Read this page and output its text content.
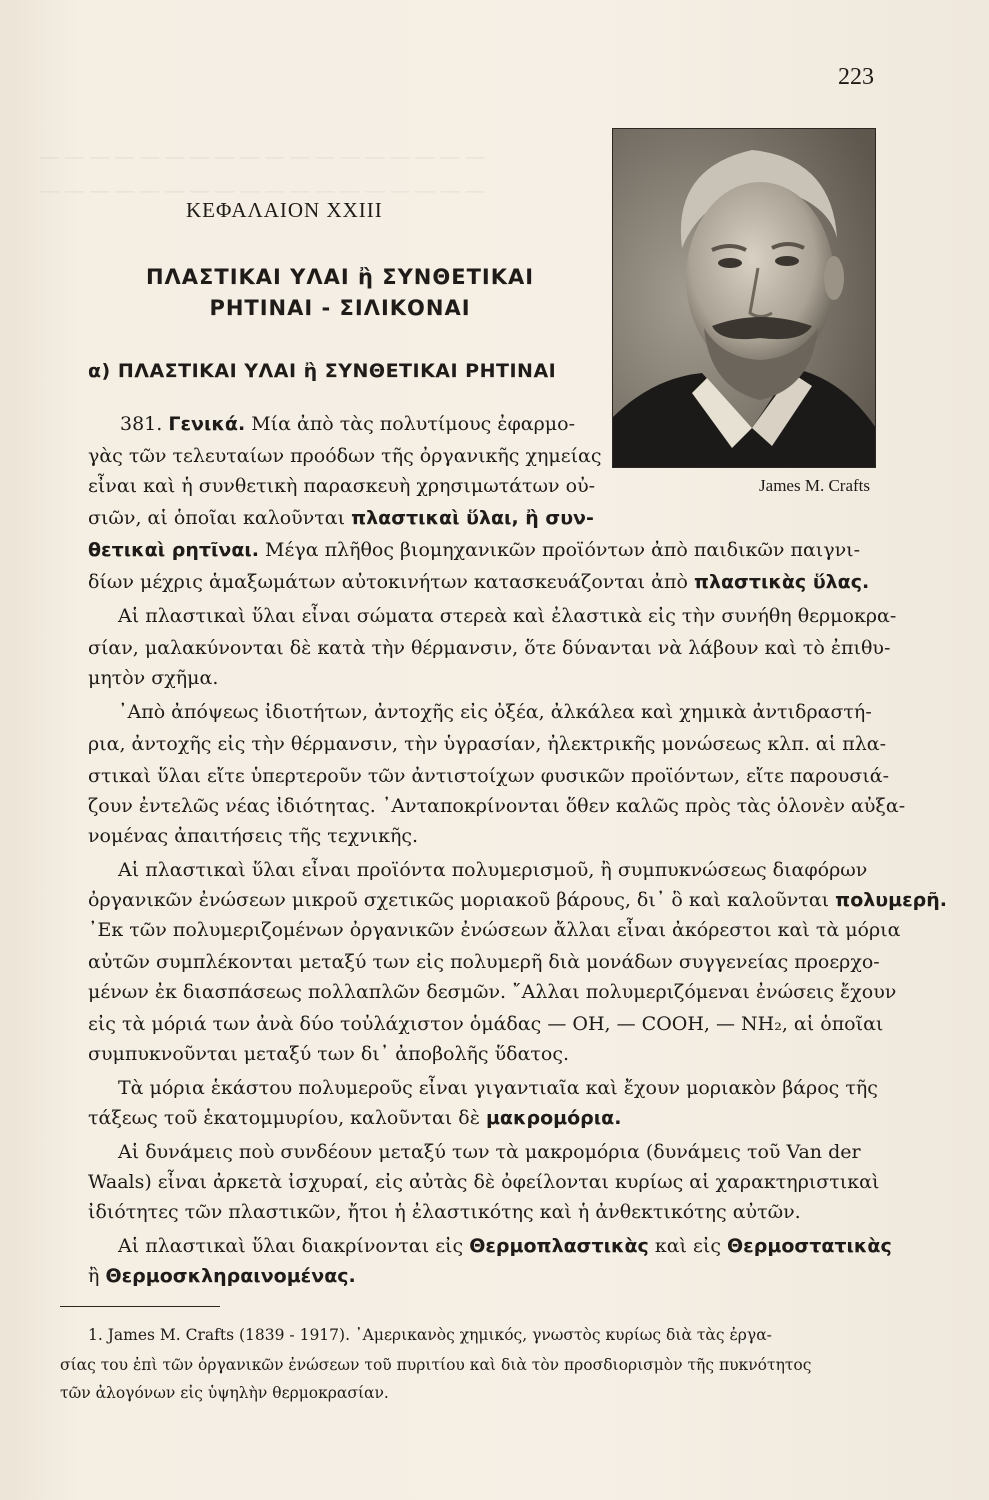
― ― ― ― ― ― ― ― ― ― ― ― ― ― ― ― ― ―
― ― ― ― ― ― ― ― ― ― ― ― ― ― ― ― ― ―
223
James M. Crafts
ΚΕΦΑΛΑΙΟΝ XXIII
ΠΛΑΣΤΙΚΑΙ ΥΛΑΙ ἢ ΣΥΝΘΕΤΙΚΑΙ
ΡΗΤΙΝΑΙ - ΣΙΛΙΚΟΝΑΙ
α) ΠΛΑΣΤΙΚΑΙ ΥΛΑΙ ἢ ΣΥΝΘΕΤΙΚΑΙ ΡΗΤΙΝΑΙ
381. Γενικά. Μία ἀπὸ τὰς πολυτίμους ἐφαρμο-
γὰς τῶν τελευταίων προόδων τῆς ὀργανικῆς χημείας
εἶναι καὶ ἡ συνθετικὴ παρασκευὴ χρησιμωτάτων οὐ-
σιῶν, αἱ ὁποῖαι καλοῦνται πλαστικαὶ ὕλαι, ἢ συν-
θετικαὶ ρητῖναι. Μέγα πλῆθος βιομηχανικῶν προϊόντων ἀπὸ παιδικῶν παιγνι-
δίων μέχρις ἁμαξωμάτων αὐτοκινήτων κατασκευάζονται ἀπὸ πλαστικὰς ὕλας.
Αἱ πλαστικαὶ ὕλαι εἶναι σώματα στερεὰ καὶ ἐλαστικὰ εἰς τὴν συνήθη θερμοκρα-
σίαν, μαλακύνονται δὲ κατὰ τὴν θέρμανσιν, ὅτε δύνανται νὰ λάβουν καὶ τὸ ἐπιθυ-
μητὸν σχῆμα.
᾿Απὸ ἀπόψεως ἰδιοτήτων, ἀντοχῆς εἰς ὀξέα, ἀλκάλεα καὶ χημικὰ ἀντιδραστή-
ρια, ἀντοχῆς εἰς τὴν θέρμανσιν, τὴν ὑγρασίαν, ἠλεκτρικῆς μονώσεως κλπ. αἱ πλα-
στικαὶ ὕλαι εἴτε ὑπερτεροῦν τῶν ἀντιστοίχων φυσικῶν προϊόντων, εἴτε παρουσιά-
ζουν ἐντελῶς νέας ἰδιότητας. ᾿Ανταποκρίνονται ὅθεν καλῶς πρὸς τὰς ὁλονὲν αὐξα-
νομένας ἀπαιτήσεις τῆς τεχνικῆς.
Αἱ πλαστικαὶ ὕλαι εἶναι προϊόντα πολυμερισμοῦ, ἢ συμπυκνώσεως διαφόρων
ὀργανικῶν ἐνώσεων μικροῦ σχετικῶς μοριακοῦ βάρους, δι᾿ ὃ καὶ καλοῦνται πολυμερῆ.
᾿Εκ τῶν πολυμεριζομένων ὀργανικῶν ἐνώσεων ἄλλαι εἶναι ἀκόρεστοι καὶ τὰ μόρια
αὐτῶν συμπλέκονται μεταξύ των εἰς πολυμερῆ διὰ μονάδων συγγενείας προερχο-
μένων ἐκ διασπάσεως πολλαπλῶν δεσμῶν. ῎Αλλαι πολυμεριζόμεναι ἐνώσεις ἔχουν
εἰς τὰ μόριά των ἀνὰ δύο τοὐλάχιστον ὁμάδας — OH, — COOH, — NH₂, αἱ ὁποῖαι
συμπυκνοῦνται μεταξύ των δι᾿ ἀποβολῆς ὕδατος.
Τὰ μόρια ἑκάστου πολυμεροῦς εἶναι γιγαντιαῖα καὶ ἔχουν μοριακὸν βάρος τῆς
τάξεως τοῦ ἑκατομμυρίου, καλοῦνται δὲ μακρομόρια.
Αἱ δυνάμεις ποὺ συνδέουν μεταξύ των τὰ μακρομόρια (δυνάμεις τοῦ Van der
Waals) εἶναι ἀρκετὰ ἰσχυραί, εἰς αὐτὰς δὲ ὀφείλονται κυρίως αἱ χαρακτηριστικαὶ
ἰδιότητες τῶν πλαστικῶν, ἤτοι ἡ ἐλαστικότης καὶ ἡ ἀνθεκτικότης αὐτῶν.
Αἱ πλαστικαὶ ὕλαι διακρίνονται εἰς Θερμοπλαστικὰς καὶ εἰς Θερμοστατικὰς
ἢ Θερμοσκληραινομένας.
1. James M. Crafts (1839 - 1917). ᾿Αμερικανὸς χημικός, γνωστὸς κυρίως διὰ τὰς ἐργα-
σίας του ἐπὶ τῶν ὀργανικῶν ἐνώσεων τοῦ πυριτίου καὶ διὰ τὸν προσδιορισμὸν τῆς πυκνότητος
τῶν ἀλογόνων εἰς ὑψηλὴν θερμοκρασίαν.
